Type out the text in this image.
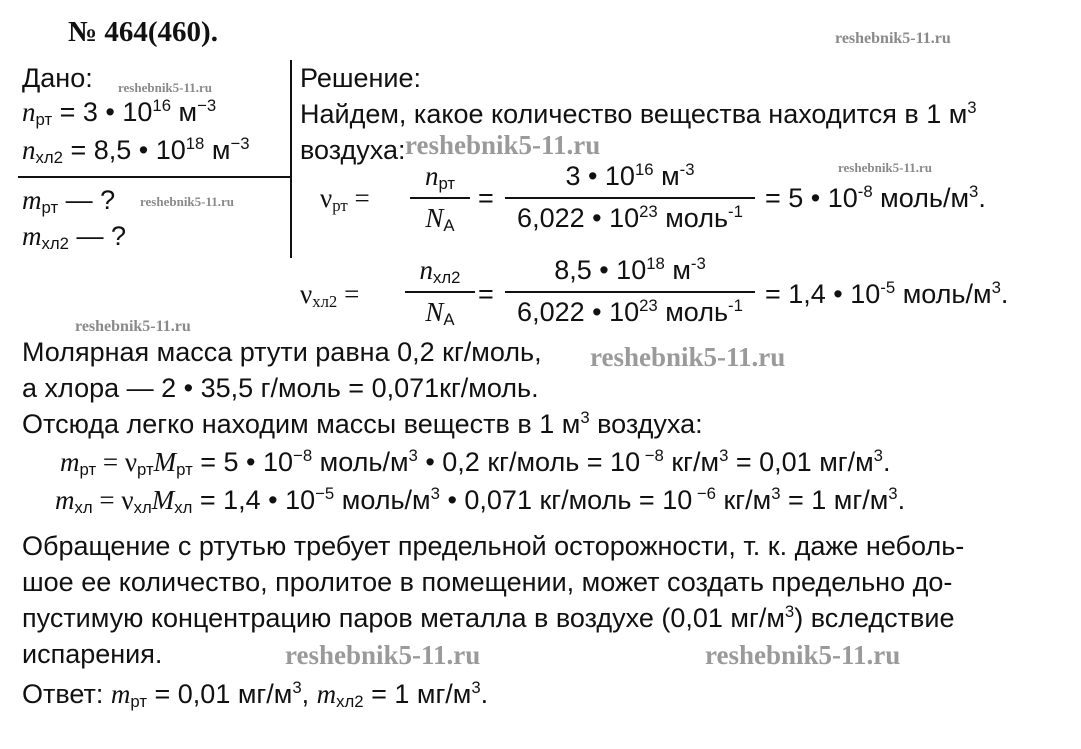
№ 464(460).	reshebnik5-11.ru
reshebnik5-11.ru
reshebnik5-11.ru
reshebnik5-11.ru
reshebnik5-11.ru
reshebnik5-11.ru
reshebnik5-11.ru
reshebnik5-11.ru	reshebnik5-11.ru
Дано:
$n_{рт} = 3$ • $10^{16}$ $м^{-3}$
$n_{хл2} = 8,5$ • $10^{18}$ $м^{-3}$
$m_{рт}$ — ?
$m_{хл2}$ — ?
Решение:
Найдем, какое количество вещества находится в 1 $м^3$
воздуха:
$\nu_{рт}$ =
$n_{рт}$
$N_A$
=
3 • $10^{16}$ $м^{-3}$
6,022 • $10^{23}$ моль$^{-1}$ = 5 • $10^{-8}$ моль/$м^3$.
$\nu_{хл2}$ =
$n_{хл2}$
$N_A$
=
8,5 • $10^{18}$ $м^{-3}$
6,022 • $10^{23}$ моль$^{-1}$ = 1,4 • $10^{-5}$ моль/$м^3$.
Молярная масса ртути равна 0,2 кг/моль,
а хлора — 2 • 35,5 г/моль = 0,071кг/моль.
Отсюда легко находим массы веществ в 1 $м^3$ воздуха:
$m_{рт} = \nu_{рт}M_{рт} = 5$ • $10^{-8}$ моль/$м^3$ • 0,2 кг/моль = 10 $^{-8}$ $кг/м^3 = 0,01$ $мг/м^3$.
$m_{хл} = \nu_{хл}M_{хл} = 1,4$ • $10^{-5}$ моль/$м^3$ • 0,071 кг/моль = 10 $^{-6}$ $кг/м^3 = 1$ $мг/м^3$.
Обращение с ртутью требует предельной осторожности, т. к. даже неболь-
шое ее количество, пролитое в помещении, может создать предельно до-
пустимую концентрацию паров металла в воздухе (0,01 $мг/м^3$) вследствие
испарения.
Ответ: $m_{рт} = 0,01$ $мг/м^3$, $m_{хл2} = 1$ $мг/м^3$.
